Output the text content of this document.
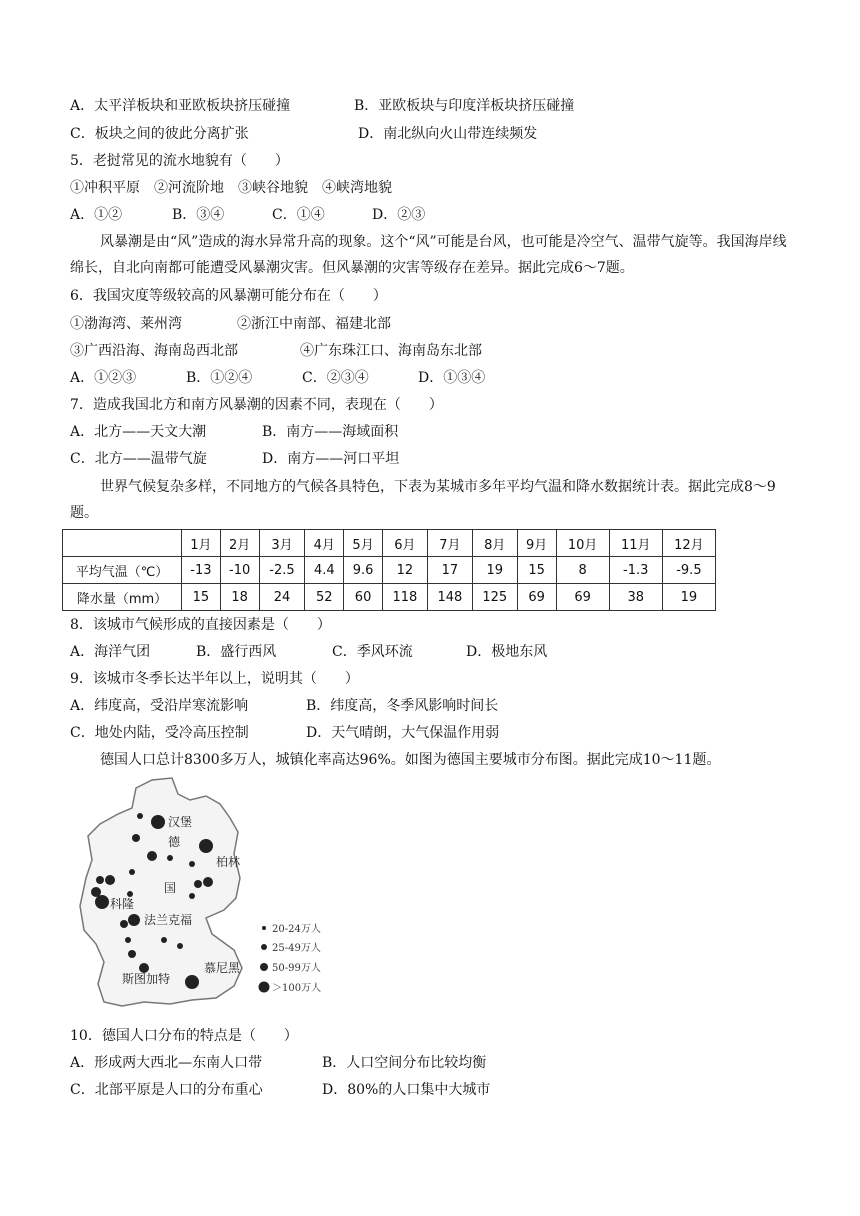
A．太平洋板块和亚欧板块挤压碰撞	B．亚欧板块与印度洋板块挤压碰撞
C．板块之间的彼此分离扩张	D．南北纵向火山带连续频发
5．老挝常见的流水地貌有（　　）
①冲积平原　②河流阶地　③峡谷地貌　④峡湾地貌
A．①②	B．③④	C．①④	D．②③
风暴潮是由“风”造成的海水异常升高的现象。这个“风”可能是台风，也可能是冷空气、温带气旋等。我国海岸线绵长，自北向南都可能遭受风暴潮灾害。但风暴潮的灾害等级存在差异。据此完成6～7题。
6．我国灾度等级较高的风暴潮可能分布在（　　）
①渤海湾、莱州湾	②浙江中南部、福建北部
③广西沿海、海南岛西北部	④广东珠江口、海南岛东北部
A．①②③	B．①②④	C．②③④	D．①③④
7．造成我国北方和南方风暴潮的因素不同，表现在（　　）
A．北方——天文大潮	B．南方——海域面积
C．北方——温带气旋	D．南方——河口平坦
世界气候复杂多样，不同地方的气候各具特色，下表为某城市多年平均气温和降水数据统计表。据此完成8～9题。
	1月	2月	3月	4月	5月	6月	7月	8月	9月	10月	11月	12月
平均气温（℃）	-13	-10	-2.5	4.4	9.6	12	17	19	15	8	-1.3	-9.5
降水量（mm）	15	18	24	52	60	118	148	125	69	69	38	19
8．该城市气候形成的直接因素是（　　）
A．海洋气团	B．盛行西风	C．季风环流	D．极地东风
9．该城市冬季长达半年以上，说明其（　　）
A．纬度高，受沿岸寒流影响	B．纬度高，冬季风影响时间长
C．地处内陆，受冷高压控制	D．天气晴朗，大气保温作用弱
德国人口总计8300多万人，城镇化率高达96%。如图为德国主要城市分布图。据此完成10～11题。
汉堡
德
柏林
国
科隆
法兰克福
斯图加特
慕尼黑
20-24万人
25-49万人
50-99万人
＞100万人
10．德国人口分布的特点是（　　）
A．形成两大西北—东南人口带	B．人口空间分布比较均衡
C．北部平原是人口的分布重心	D．80%的人口集中大城市
